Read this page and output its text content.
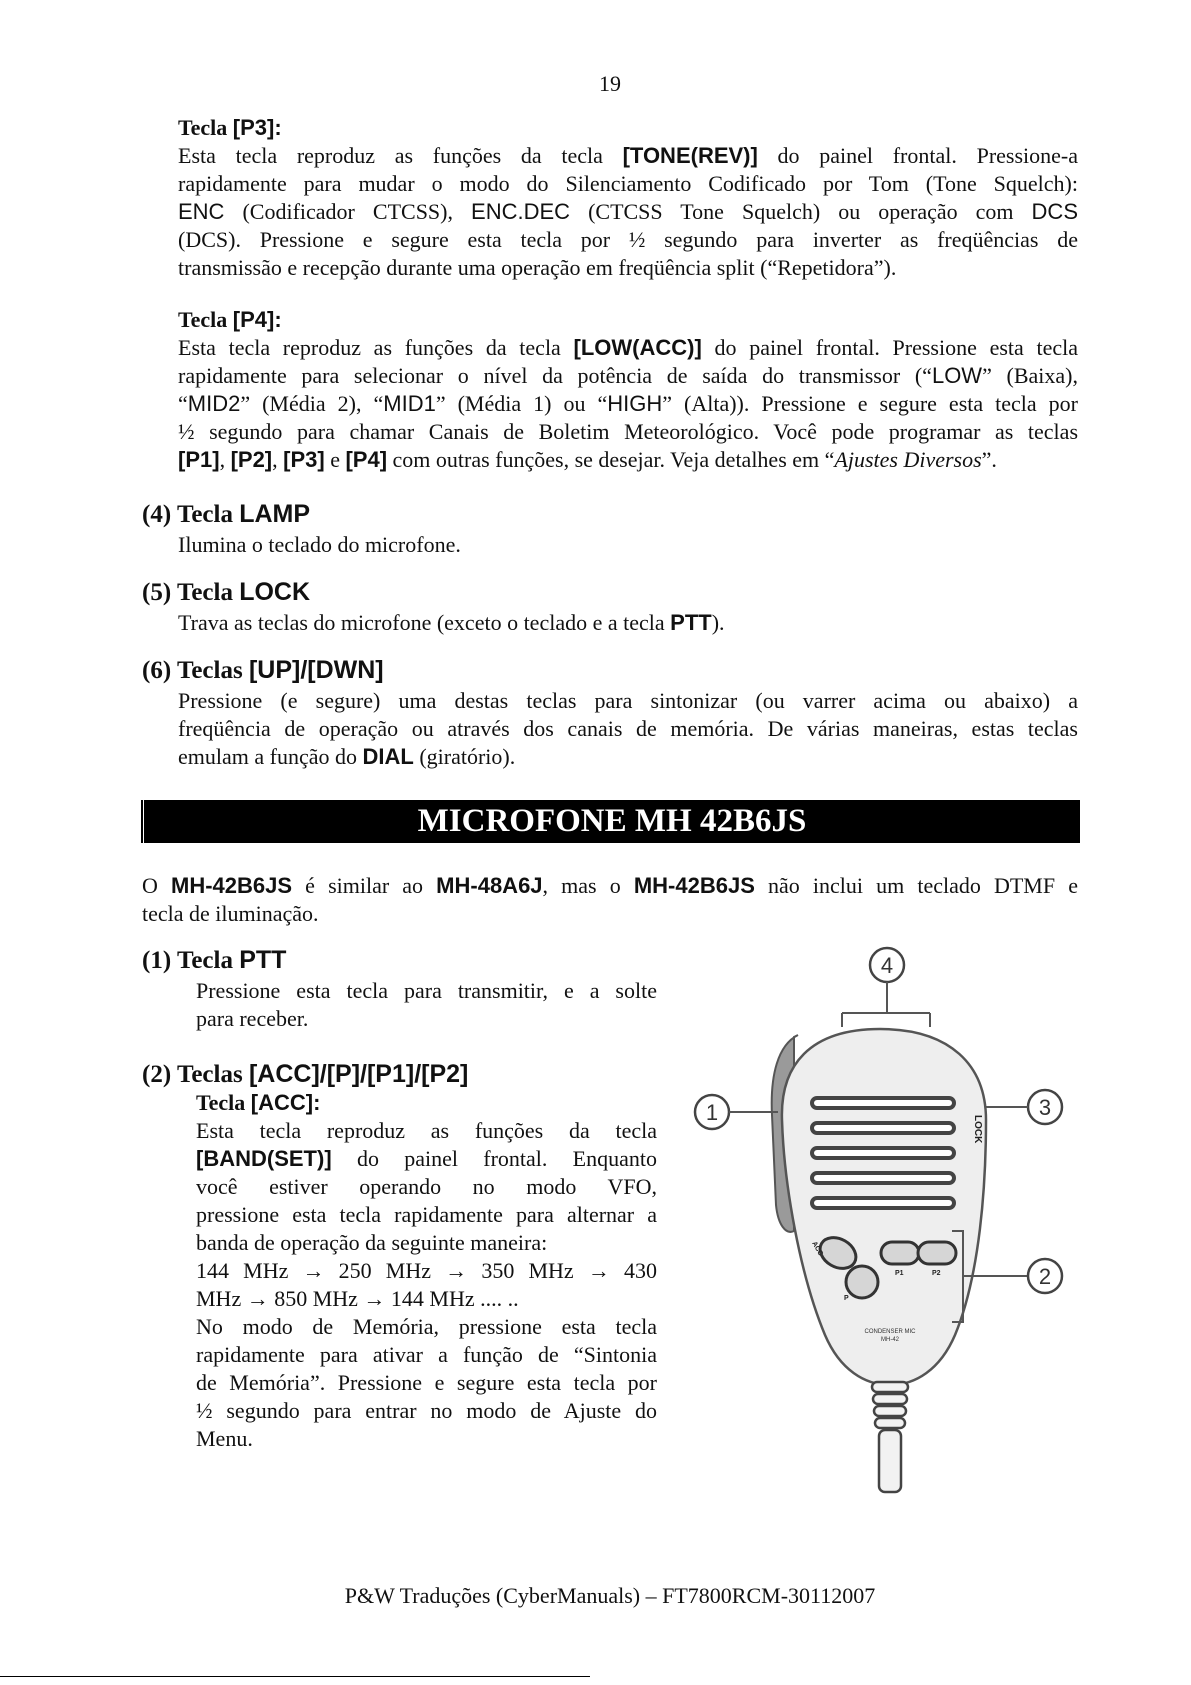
19
Tecla [P3]:
Esta tecla reproduz as funções da tecla [TONE(REV)] do painel frontal. Pressione-a
rapidamente para mudar o modo do Silenciamento Codificado por Tom (Tone Squelch):
ENC (Codificador CTCSS), ENC.DEC (CTCSS Tone Squelch) ou operação com DCS
(DCS). Pressione e segure esta tecla por ½ segundo para inverter as freqüências de
transmissão e recepção durante uma operação em freqüência split (“Repetidora”).
Tecla [P4]:
Esta tecla reproduz as funções da tecla [LOW(ACC)] do painel frontal. Pressione esta tecla
rapidamente para selecionar o nível da potência de saída do transmissor (“LOW” (Baixa),
“MID2” (Média 2), “MID1” (Média 1) ou “HIGH” (Alta)). Pressione e segure esta tecla por
½ segundo para chamar Canais de Boletim Meteorológico. Você pode programar as teclas
[P1], [P2], [P3] e [P4] com outras funções, se desejar. Veja detalhes em “Ajustes Diversos”.
(4) Tecla LAMP
Ilumina o teclado do microfone.
(5) Tecla LOCK
Trava as teclas do microfone (exceto o teclado e a tecla PTT).
(6) Teclas [UP]/[DWN]
Pressione (e segure) uma destas teclas para sintonizar (ou varrer acima ou abaixo) a
freqüência de operação ou através dos canais de memória. De várias maneiras, estas teclas
emulam a função do DIAL (giratório).
MICROFONE MH 42B6JS
O MH-42B6JS é similar ao MH-48A6J, mas o MH-42B6JS não inclui um teclado DTMF e
tecla de iluminação.
(1) Tecla PTT
Pressione esta tecla para transmitir, e a solte
para receber.
(2) Teclas [ACC]/[P]/[P1]/[P2]
Tecla [ACC]:
Esta tecla reproduz as funções da tecla
[BAND(SET)] do painel frontal. Enquanto
você estiver operando no modo VFO,
pressione esta tecla rapidamente para alternar a
banda de operação da seguinte maneira:
144 MHz → 250 MHz → 350 MHz → 430
MHz → 850 MHz → 144 MHz .... ..
No modo de Memória, pressione esta tecla
rapidamente para ativar a função de “Sintonia
de Memória”. Pressione e segure esta tecla por
½ segundo para entrar no modo de Ajuste do
Menu.
4
LOCK
1	3
ACC
P
P1	P2	2
CONDENSER MIC
MH-42
P&W Traduções (CyberManuals) – FT7800RCM-30112007
